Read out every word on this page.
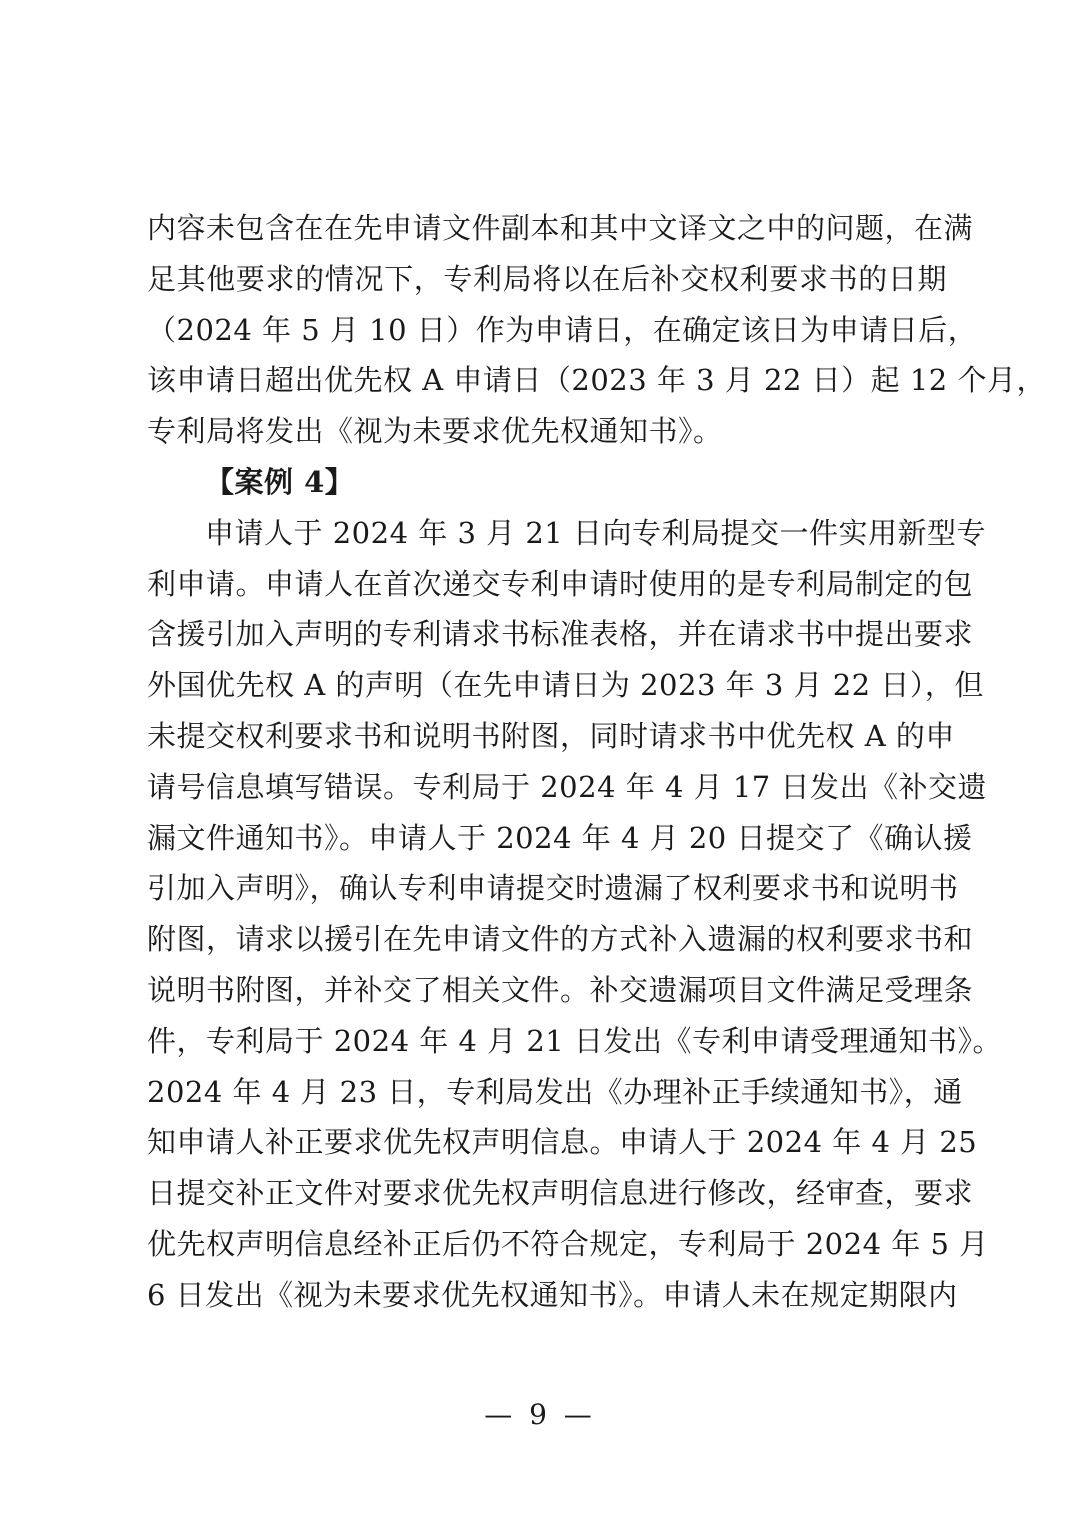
内容未包含在在先申请文件副本和其中文译文之中的问题，在满
足其他要求的情况下，专利局将以在后补交权利要求书的日期
（2024 年 5 月 10 日）作为申请日，在确定该日为申请日后，
该申请日超出优先权 A 申请日（2023 年 3 月 22 日）起 12 个月，
专利局将发出《视为未要求优先权通知书》。
【案例 4】
申请人于 2024 年 3 月 21 日向专利局提交一件实用新型专
利申请。申请人在首次递交专利申请时使用的是专利局制定的包
含援引加入声明的专利请求书标准表格，并在请求书中提出要求
外国优先权 A 的声明（在先申请日为 2023 年 3 月 22 日），但
未提交权利要求书和说明书附图，同时请求书中优先权 A 的申
请号信息填写错误。专利局于 2024 年 4 月 17 日发出《补交遗
漏文件通知书》。申请人于 2024 年 4 月 20 日提交了《确认援
引加入声明》，确认专利申请提交时遗漏了权利要求书和说明书
附图，请求以援引在先申请文件的方式补入遗漏的权利要求书和
说明书附图，并补交了相关文件。补交遗漏项目文件满足受理条
件，专利局于 2024 年 4 月 21 日发出《专利申请受理通知书》。
2024 年 4 月 23 日，专利局发出《办理补正手续通知书》，通
知申请人补正要求优先权声明信息。申请人于 2024 年 4 月 25
日提交补正文件对要求优先权声明信息进行修改，经审查，要求
优先权声明信息经补正后仍不符合规定，专利局于 2024 年 5 月
6 日发出《视为未要求优先权通知书》。申请人未在规定期限内
— 9 —
